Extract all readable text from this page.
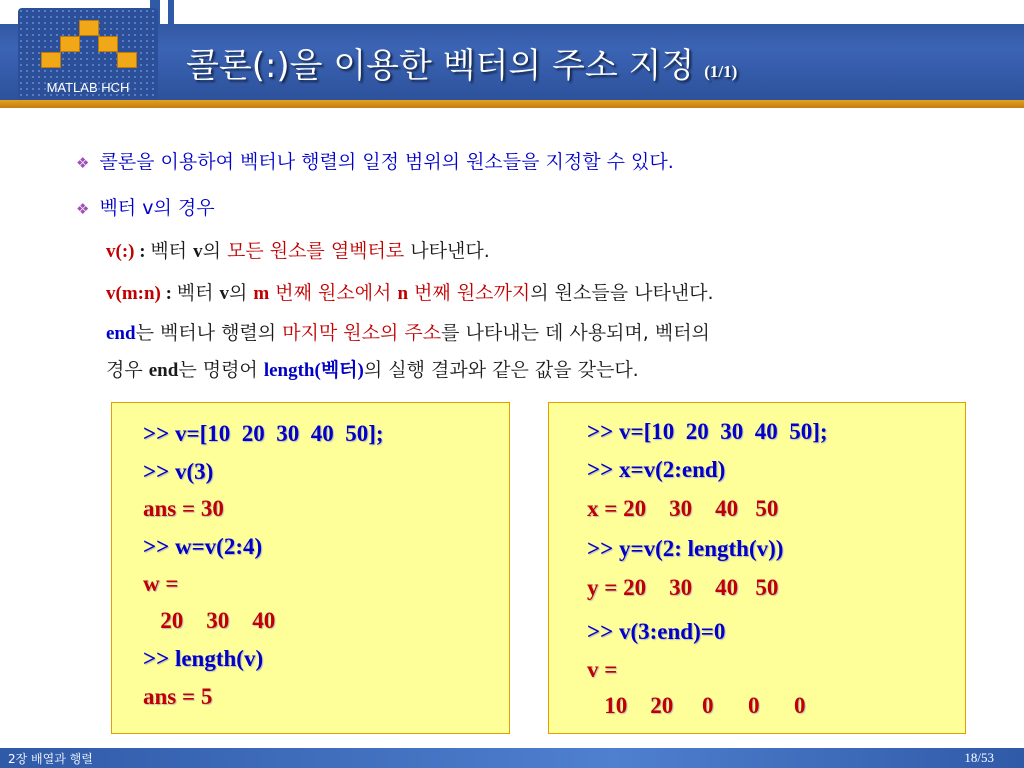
MATLAB HCH
콜론(:)을 이용한 벡터의 주소 지정 (1/1)
❖ 콜론을 이용하여 벡터나 행렬의 일정 범위의 원소들을 지정할 수 있다.
❖ 벡터 v의 경우
v(:) : 벡터 v의 모든 원소를 열벡터로 나타낸다.
v(m:n) : 벡터 v의 m 번째 원소에서 n 번째 원소까지의 원소들을 나타낸다.
end는 벡터나 행렬의 마지막 원소의 주소를 나타내는 데 사용되며, 벡터의
경우 end는 명령어 length(벡터)의 실행 결과와 같은 값을 갖는다.
>> v=[10  20  30  40  50];
>> v(3)
ans = 30
>> w=v(2:4)
w =
20    30    40
>> length(v)
ans = 5
>> v=[10  20  30  40  50];
>> x=v(2:end)
x = 20    30    40   50
>> y=v(2: length(v))
y = 20    30    40   50
>> v(3:end)=0
v =
10    20     0      0      0
2장 배열과 행렬	18/53
